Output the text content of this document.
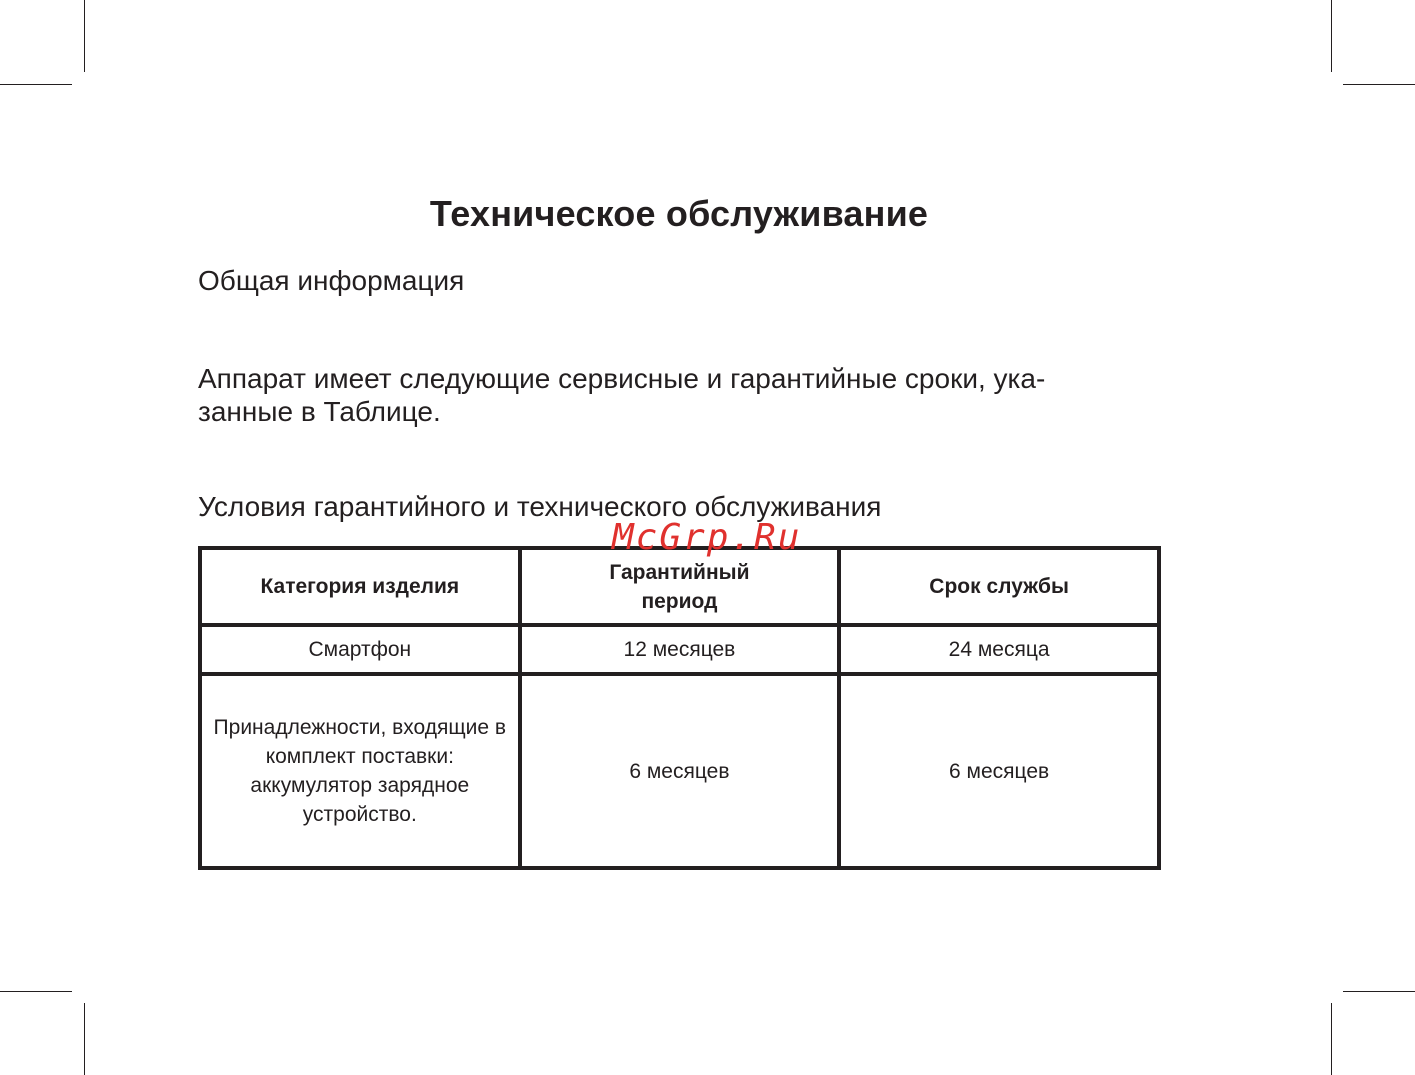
Техническое обслуживание
Общая информация
Аппарат имеет следующие сервисные и гарантийные сроки, ука-
занные в Таблице.
Условия гарантийного и технического обслуживания
Категория изделия	Гарантийный период	Срок службы
Смартфон	12 месяцев	24 месяца
Принадлежности, входящие в комплект поставки: аккумулятор зарядное устройство.	6 месяцев	6 месяцев
McGrp.Ru
